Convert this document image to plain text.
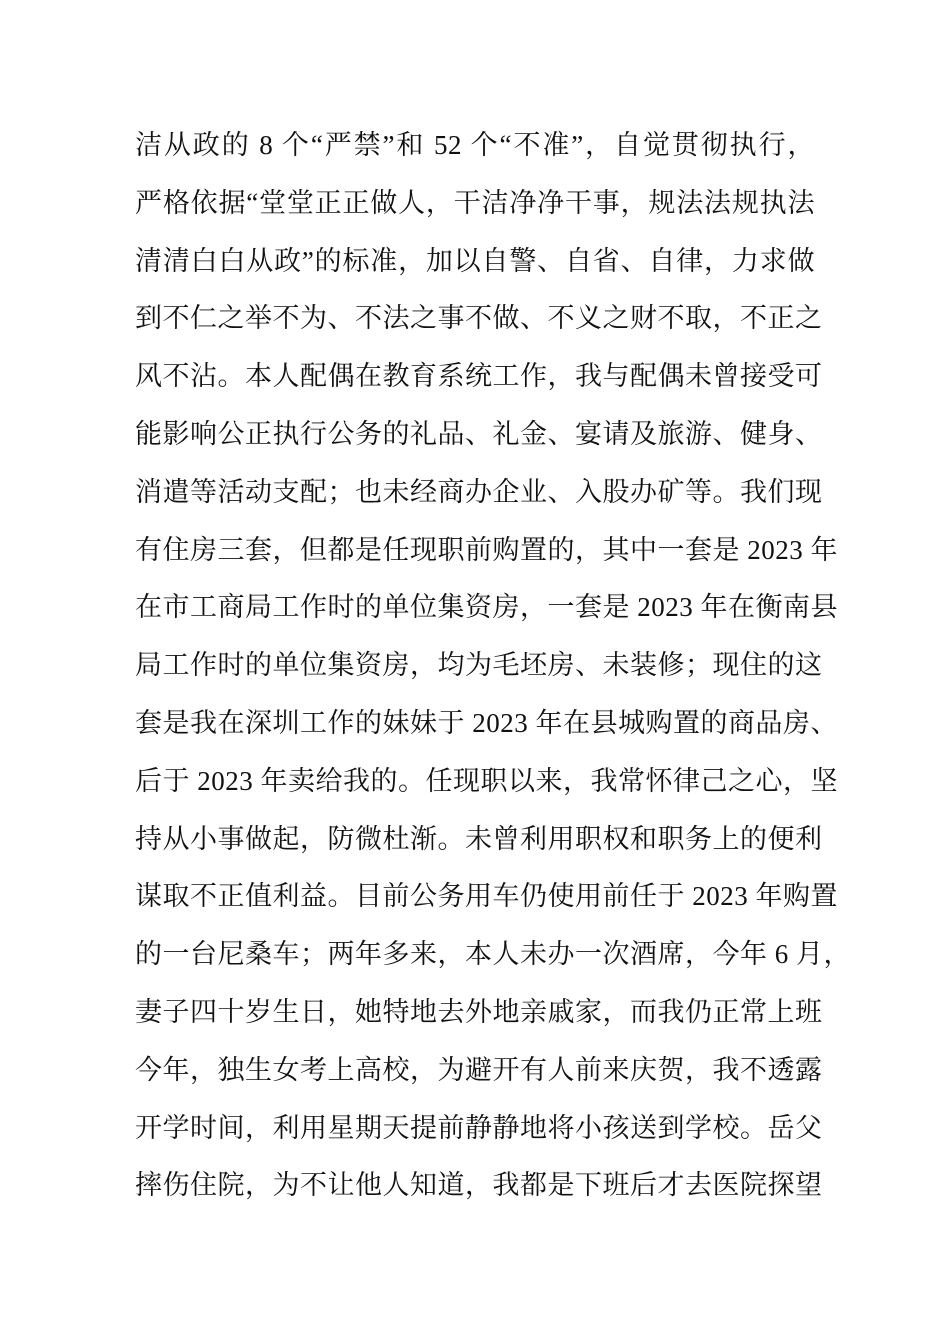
洁从政的 8 个“严禁”和 52 个“不准”，自觉贯彻执行，

严格依据“堂堂正正做人，干洁净净干事，规法法规执法

清清白白从政”的标准，加以自警、自省、自律，力求做

到不仁之举不为、不法之事不做、不义之财不取，不正之

风不沾。本人配偶在教育系统工作，我与配偶未曾接受可

能影响公正执行公务的礼品、礼金、宴请及旅游、健身、

消遣等活动支配；也未经商办企业、入股办矿等。我们现

有住房三套，但都是任现职前购置的，其中一套是 2023 年

在市工商局工作时的单位集资房，一套是 2023 年在衡南县

局工作时的单位集资房，均为毛坯房、未装修；现住的这

套是我在深圳工作的妹妹于 2023 年在县城购置的商品房、

后于 2023 年卖给我的。任现职以来，我常怀律己之心，坚

持从小事做起，防微杜渐。未曾利用职权和职务上的便利

谋取不正值利益。目前公务用车仍使用前任于 2023 年购置

的一台尼桑车；两年多来，本人未办一次酒席，今年 6 月，

妻子四十岁生日，她特地去外地亲戚家，而我仍正常上班

今年，独生女考上高校，为避开有人前来庆贺，我不透露

开学时间，利用星期天提前静静地将小孩送到学校。岳父

摔伤住院，为不让他人知道，我都是下班后才去医院探望
